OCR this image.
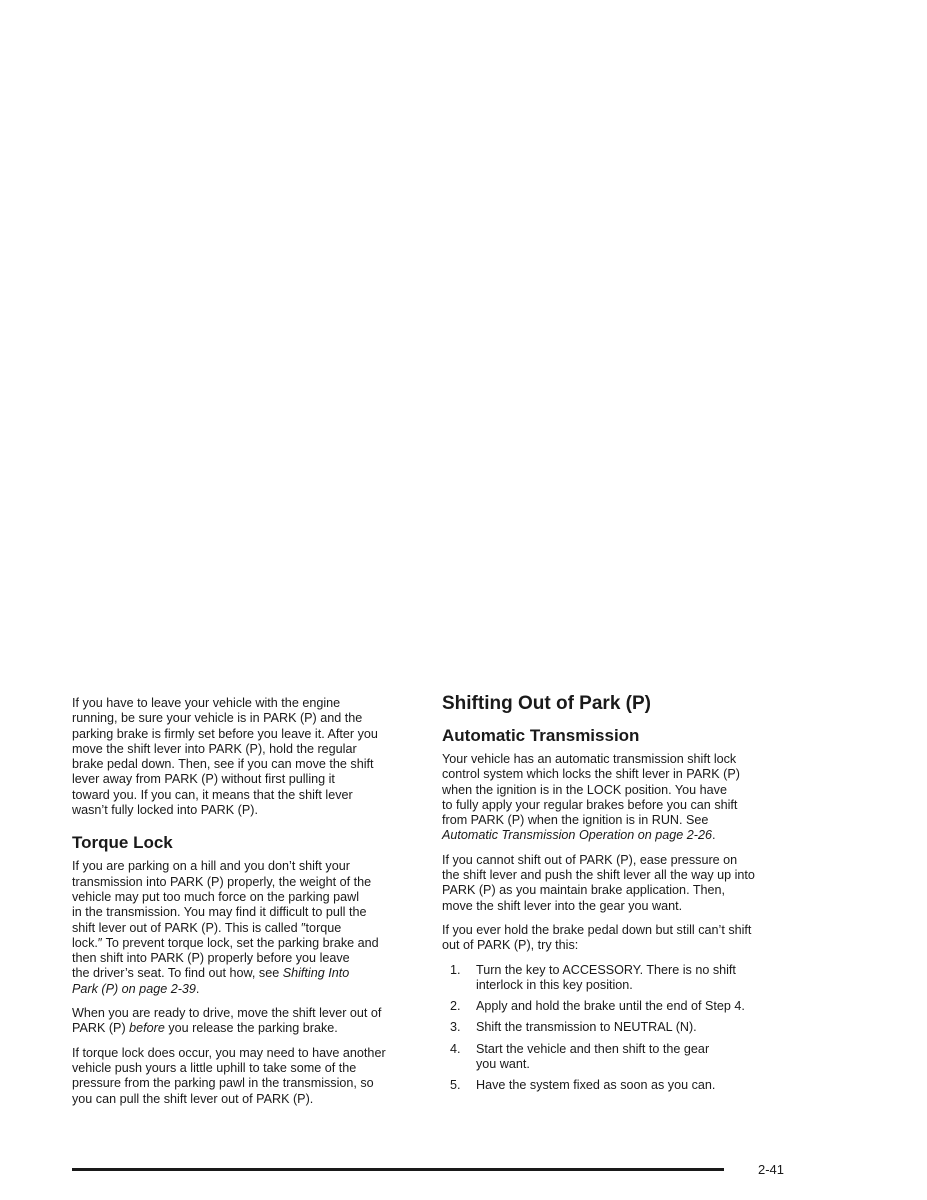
If you have to leave your vehicle with the engine
running, be sure your vehicle is in PARK (P) and the
parking brake is firmly set before you leave it. After you
move the shift lever into PARK (P), hold the regular
brake pedal down. Then, see if you can move the shift
lever away from PARK (P) without first pulling it
toward you. If you can, it means that the shift lever
wasn’t fully locked into PARK (P).

Torque Lock

If you are parking on a hill and you don’t shift your
transmission into PARK (P) properly, the weight of the
vehicle may put too much force on the parking pawl
in the transmission. You may find it difficult to pull the
shift lever out of PARK (P). This is called ″torque
lock.″ To prevent torque lock, set the parking brake and
then shift into PARK (P) properly before you leave
the driver’s seat. To find out how, see Shifting Into
Park (P) on page 2-39.

When you are ready to drive, move the shift lever out of
PARK (P) before you release the parking brake.

If torque lock does occur, you may need to have another
vehicle push yours a little uphill to take some of the
pressure from the parking pawl in the transmission, so
you can pull the shift lever out of PARK (P).

Shifting Out of Park (P)
Automatic Transmission

Your vehicle has an automatic transmission shift lock
control system which locks the shift lever in PARK (P)
when the ignition is in the LOCK position. You have
to fully apply your regular brakes before you can shift
from PARK (P) when the ignition is in RUN. See
Automatic Transmission Operation on page 2-26.

If you cannot shift out of PARK (P), ease pressure on
the shift lever and push the shift lever all the way up into
PARK (P) as you maintain brake application. Then,
move the shift lever into the gear you want.

If you ever hold the brake pedal down but still can’t shift
out of PARK (P), try this:

1. Turn the key to ACCESSORY. There is no shift
interlock in this key position.
2. Apply and hold the brake until the end of Step 4.
3. Shift the transmission to NEUTRAL (N).
4. Start the vehicle and then shift to the gear
you want.
5. Have the system fixed as soon as you can.
2-41
